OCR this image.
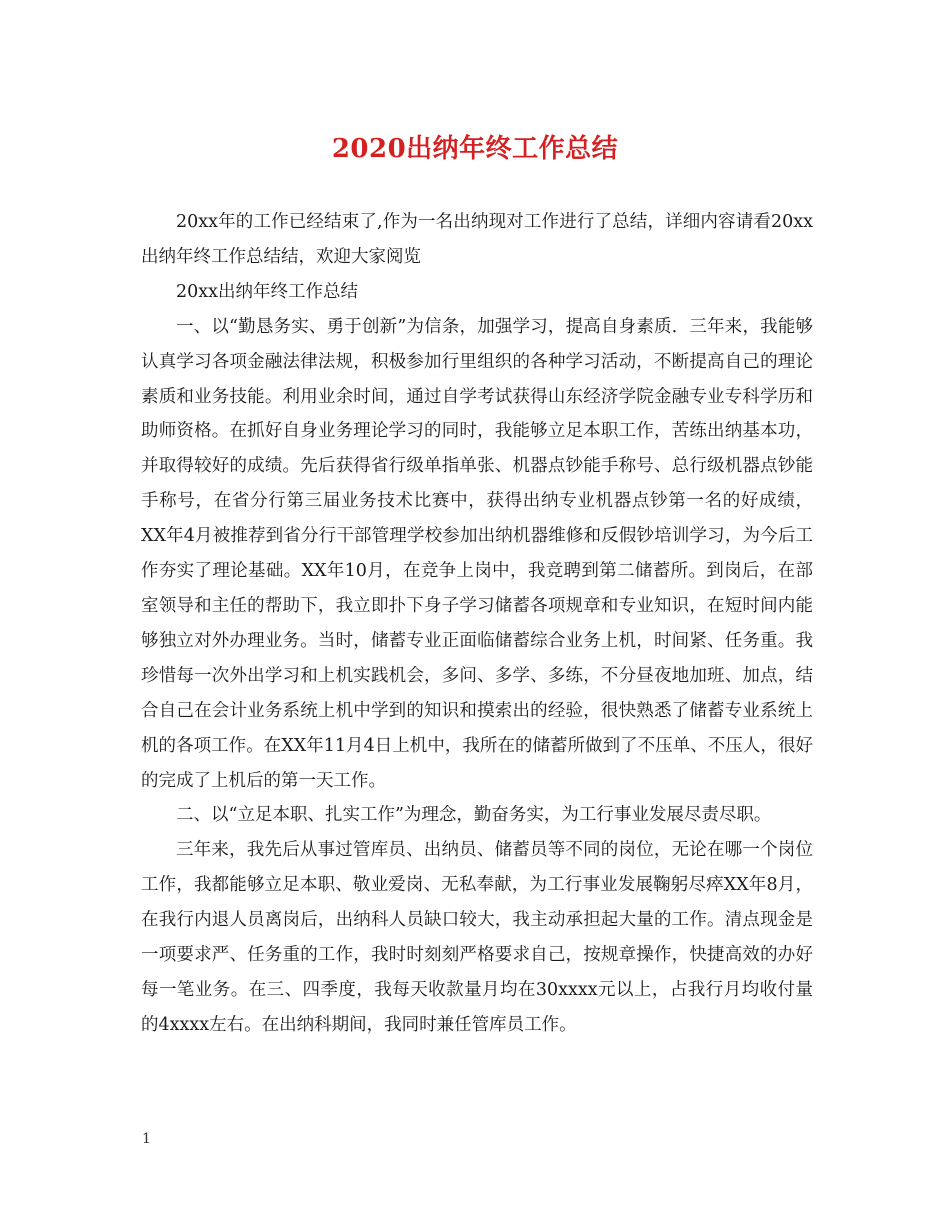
2020出纳年终工作总结

20xx年的工作已经结束了,作为一名出纳现对工作进行了总结，详细内容请看20xx出纳年终工作总结结，欢迎大家阅览

20xx出纳年终工作总结

一、以“勤恳务实、勇于创新”为信条，加强学习，提高自身素质．三年来，我能够认真学习各项金融法律法规，积极参加行里组织的各种学习活动，不断提高自己的理论素质和业务技能。利用业余时间，通过自学考试获得山东经济学院金融专业专科学历和助师资格。在抓好自身业务理论学习的同时，我能够立足本职工作，苦练出纳基本功，并取得较好的成绩。先后获得省行级单指单张、机器点钞能手称号、总行级机器点钞能手称号，在省分行第三届业务技术比赛中，获得出纳专业机器点钞第一名的好成绩，XX年4月被推荐到省分行干部管理学校参加出纳机器维修和反假钞培训学习，为今后工作夯实了理论基础。XX年10月，在竞争上岗中，我竞聘到第二储蓄所。到岗后，在部室领导和主任的帮助下，我立即扑下身子学习储蓄各项规章和专业知识，在短时间内能够独立对外办理业务。当时，储蓄专业正面临储蓄综合业务上机，时间紧、任务重。我珍惜每一次外出学习和上机实践机会，多问、多学、多练，不分昼夜地加班、加点，结合自己在会计业务系统上机中学到的知识和摸索出的经验，很快熟悉了储蓄专业系统上机的各项工作。在XX年11月4日上机中，我所在的储蓄所做到了不压单、不压人，很好的完成了上机后的第一天工作。

二、以“立足本职、扎实工作”为理念，勤奋务实，为工行事业发展尽责尽职。

三年来，我先后从事过管库员、出纳员、储蓄员等不同的岗位，无论在哪一个岗位工作，我都能够立足本职、敬业爱岗、无私奉献，为工行事业发展鞠躬尽瘁XX年8月，在我行内退人员离岗后，出纳科人员缺口较大，我主动承担起大量的工作。清点现金是一项要求严、任务重的工作，我时时刻刻严格要求自己，按规章操作，快捷高效的办好每一笔业务。在三、四季度，我每天收款量月均在30xxxx元以上，占我行月均收付量的4xxxx左右。在出纳科期间，我同时兼任管库员工作。

1
